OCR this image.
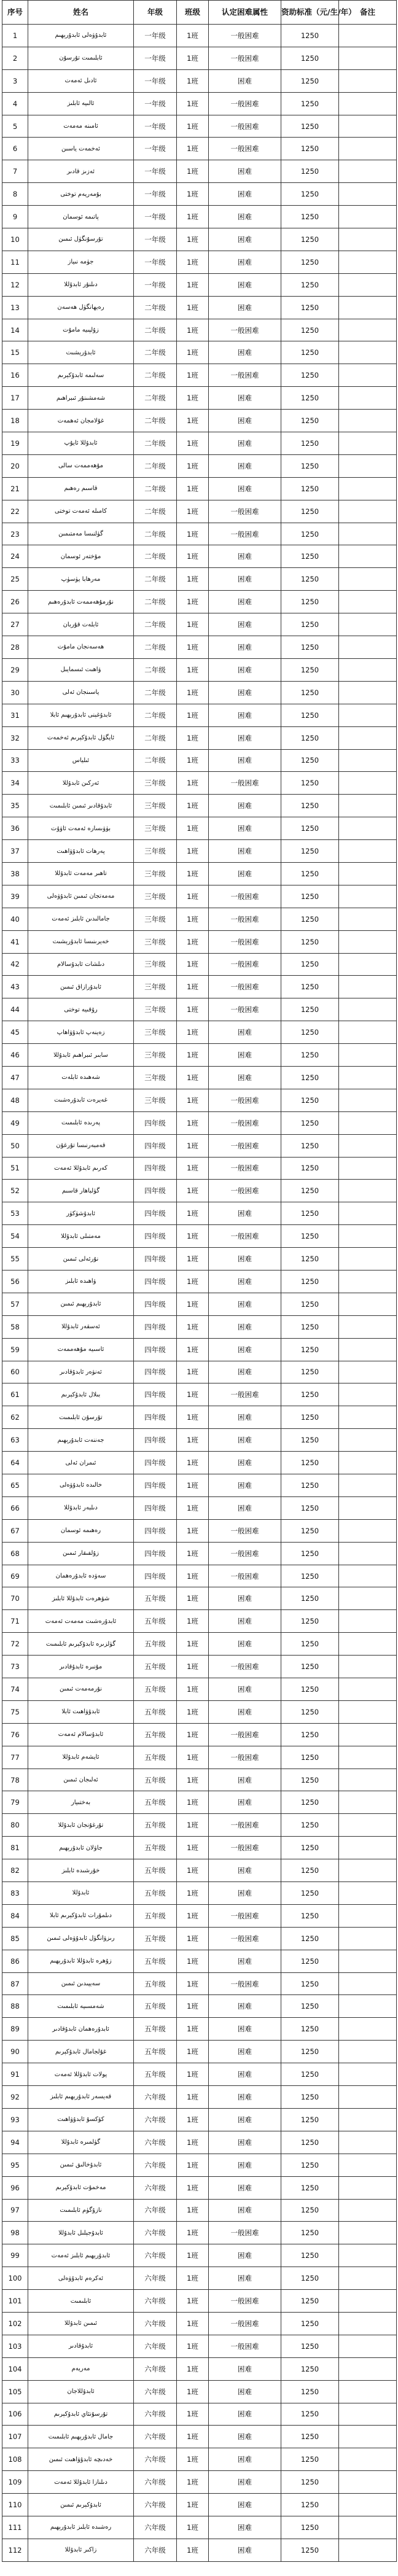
序号	姓名	年级	班级	认定困难属性	资助标准（元/生/年）	备注
1	ئابدۇۋەلى ئابدۇرېھىم	一年级	1班	一般困难	1250	
2	ئابلىمىت تۇرسۇن	一年级	1班	一般困难	1250	
3	ئادىل ئەمەت	一年级	1班	困难	1250	
4	ئالىيە ئابلىز	一年级	1班	一般困难	1250	
5	ئامىنە مەمەت	一年级	1班	一般困难	1250	
6	ئەخمەت ياسىن	一年级	1班	一般困难	1250	
7	ئەزىز قادىر	一年级	1班	困难	1250	
8	بۇمەريەم توختى	一年级	1班	困难	1250	
9	پاتىمە ئوسمان	一年级	1班	困难	1250	
10	تۇرسۇنگۈل ئىمىن	一年级	1班	困难	1250	
11	جۈمە نىياز	一年级	1班	困难	1250	
12	دىلنۇر ئابدۇللا	一年级	1班	困难	1250	
13	رەيھانگۈل ھەسەن	二年级	1班	困难	1250	
14	زۇلپىيە مامۇت	二年级	1班	一般困难	1250	
15	ئابدۇرېشىت	二年级	1班	困难	1250	
16	سەلىمە ئابدۇكېرىم	二年级	1班	一般困难	1250	
17	شەمشىنۇر ئىبراھىم	二年级	1班	困难	1250	
18	غۇلامجان ئەھمەت	二年级	1班	困难	1250	
19	ئابدۇللا ئايۇپ	二年级	1班	困难	1250	
20	مۇھەممەت سالى	二年级	1班	困难	1250	
21	قاسىم رەھىم	二年级	1班	困难	1250	
22	كامىلە ئەمەت توختى	二年级	1班	一般困难	1250	
23	گۈلنىسا مەمتىمىن	二年级	1班	一般困难	1250	
24	مۇختەر ئوسمان	二年级	1班	困难	1250	
25	مەرھابا يۈسۈپ	二年级	1班	困难	1250	
26	نۇرمۇھەممەت ئابدۇرەھىم	二年级	1班	困难	1250	
27	ئابلەت قۇربان	二年级	1班	困难	1250	
28	ھەسەنجان مامۇت	二年级	1班	困难	1250	
29	ۋاھىت ئىسمايىل	二年级	1班	困难	1250	
30	ياسىنجان ئەلى	二年级	1班	困难	1250	
31	ئابدۇغېنى ئابدۇرېھىم ئابلا	二年级	1班	困难	1250	
32	ئايگۈل ئابدۇكېرىم ئەخمەت	二年级	1班	困难	1250	
33	ئىلياس	二年级	1班	困难	1250	
34	ئەركىن ئابدۇللا	三年级	1班	一般困难	1250	
35	ئابدۇقادىر ئىمىن ئابلىمىت	三年级	1班	困难	1250	
36	بۈۋىسارە ئەمەت ئاۋۇت	三年级	1班	困难	1250	
37	پەرھات ئابدۇۋاھىت	三年级	1班	困难	1250	
38	تاھىر مەمەت ئابدۇللا	三年级	1班	困难	1250	
39	مەمەتجان ئىمىن ئابدۇۋەلى	三年级	1班	一般困难	1250	
40	جامالىدىن ئابلىز ئەمەت	三年级	1班	一般困难	1250	
41	خەيرىنىسا ئابدۇرېشىت	三年级	1班	一般困难	1250	
42	دىلشات ئابدۇسالام	三年级	1班	一般困难	1250	
43	ئابدۇرازاق ئىمىن	三年级	1班	一般困难	1250	
44	رۇقىيە توختى	三年级	1班	一般困难	1250	
45	زەينەپ ئابدۇۋاھاپ	三年级	1班	困难	1250	
46	سابىر ئىبراھىم ئابدۇللا	三年级	1班	困难	1250	
47	شەھىدە ئابلەت	三年级	1班	困难	1250	
48	غەيرەت ئابدۇرەشىت	三年级	1班	一般困难	1250	
49	پەرىدە ئابلىمىت	四年级	1班	一般困难	1250	
50	قەمبەرنىسا تۇرغۇن	四年级	1班	一般困难	1250	
51	كەرىم ئابدۇللا ئەمەت	四年级	1班	一般困难	1250	
52	گۈلباھار قاسىم	四年级	1班	一般困难	1250	
53	ئابدۇشۈكۈر	四年级	1班	困难	1250	
54	مەمتىلى ئابدۇللا	四年级	1班	一般困难	1250	
55	نۇرئەلى ئىمىن	四年级	1班	困难	1250	
56	ۋاھىدە ئابلىز	四年级	1班	困难	1250	
57	ئابدۇرېھىم ئىمىن	四年级	1班	困难	1250	
58	ئەسقەر ئابدۇللا	四年级	1班	困难	1250	
59	ئاسىيە مۇھەممەت	四年级	1班	困难	1250	
60	ئەنۋەر ئابدۇقادىر	四年级	1班	困难	1250	
61	بىلال ئابدۇكېرىم	四年级	1班	一般困难	1250	
62	تۇرسۇن ئابلىمىت	四年级	1班	困难	1250	
63	جەننەت ئابدۇرېھىم	四年级	1班	困难	1250	
64	ئىمران ئەلى	四年级	1班	困难	1250	
65	خالىدە ئابدۇۋەلى	四年级	1班	困难	1250	
66	دىلبەر ئابدۇللا	四年级	1班	困难	1250	
67	رەھىمە ئوسمان	四年级	1班	一般困难	1250	
68	زۇلفىقار ئىمىن	四年级	1班	一般困难	1250	
69	سەۋدە ئابدۇرەھمان	四年级	1班	一般困难	1250	
70	شۆھرەت ئابدۇللا ئابلىز	五年级	1班	困难	1250	
71	ئابدۇرەشىت مەمەت ئەمەت	五年级	1班	困难	1250	
72	گۈلزىرە ئابدۇكېرىم ئابلىمىت	五年级	1班	困难	1250	
73	مۇنىرە ئابدۇقادىر	五年级	1班	一般困难	1250	
74	نۇرمەمەت ئىمىن	五年级	1班	困难	1250	
75	ئابدۇۋاھىت ئابلا	五年级	1班	困难	1250	
76	ئابدۇسالام ئەمەت	五年级	1班	一般困难	1250	
77	ئايشەم ئابدۇللا	五年级	1班	一般困难	1250	
78	ئەلىجان ئىمىن	五年级	1班	困难	1250	
79	بەختىيار	五年级	1班	困难	1250	
80	تۇرغۇنجان ئابدۇللا	五年级	1班	一般困难	1250	
81	جاۋلان ئابدۇرېھىم	五年级	1班	一般困难	1250	
82	خۇرشىدە ئابلىز	五年级	1班	困难	1250	
83	ئابدۇللا	五年级	1班	困难	1250	
84	دىلمۇرات ئابدۇكېرىم ئابلا	五年级	1班	一般困难	1250	
85	رىزۋانگۈل ئابدۇۋەلى ئىمىن	五年级	1班	一般困难	1250	
86	زۇھرە ئابدۇللا ئابدۇرېھىم	五年级	1班	困难	1250	
87	سەيپىدىن ئىمىن	五年级	1班	一般困难	1250	
88	شەمسىيە ئابلىمىت	五年级	1班	困难	1250	
89	ئابدۇرەھمان ئابدۇقادىر	五年级	1班	困难	1250	
90	غۇلجامال ئابدۇكېرىم	五年级	1班	困难	1250	
91	پولات ئابدۇللا ئەمەت	五年级	1班	困难	1250	
92	قەيسەر ئابدۇرېھىم ئابلىز	六年级	1班	困难	1250	
93	كۆكسۇ ئابدۇۋاھىت	六年级	1班	困难	1250	
94	گۈلمىرە ئابدۇللا	六年级	1班	困难	1250	
95	ئابدۇخالىق ئىمىن	六年级	1班	困难	1250	
96	مەخمۇت ئابدۇكېرىم	六年级	1班	困难	1250	
97	نازۇگۈم ئابلىمىت	六年级	1班	困难	1250	
98	ئابدۇجېلىل ئابدۇللا	六年级	1班	一般困难	1250	
99	ئابدۇرېھىم ئابلىز ئەمەت	六年级	1班	困难	1250	
100	ئەكرەم ئابدۇۋەلى	六年级	1班	困难	1250	
101	ئابلىمىت	六年级	1班	一般困难	1250	
102	ئىمىن ئابدۇللا	六年级	1班	一般困难	1250	
103	ئابدۇقادىر	六年级	1班	一般困难	1250	
104	مەريەم	六年级	1班	困难	1250	
105	ئابدۇللاجان	六年级	1班	困难	1250	
106	تۇرسۇنئاي ئابدۇكېرىم	六年级	1班	困难	1250	
107	جامال ئابدۇرېھىم ئابلىمىت	六年级	1班	困难	1250	
108	خەدىچە ئابدۇۋاھىت ئىمىن	六年级	1班	困难	1250	
109	دىلنازا ئابدۇللا ئەمەت	六年级	1班	困难	1250	
110	ئابدۇكېرىم ئىمىن	六年级	1班	困难	1250	
111	رەشىدە ئابلىز ئابدۇرېھىم	六年级	1班	困难	1250	
112	زاكىر ئابدۇللا	六年级	1班	困难	1250	
